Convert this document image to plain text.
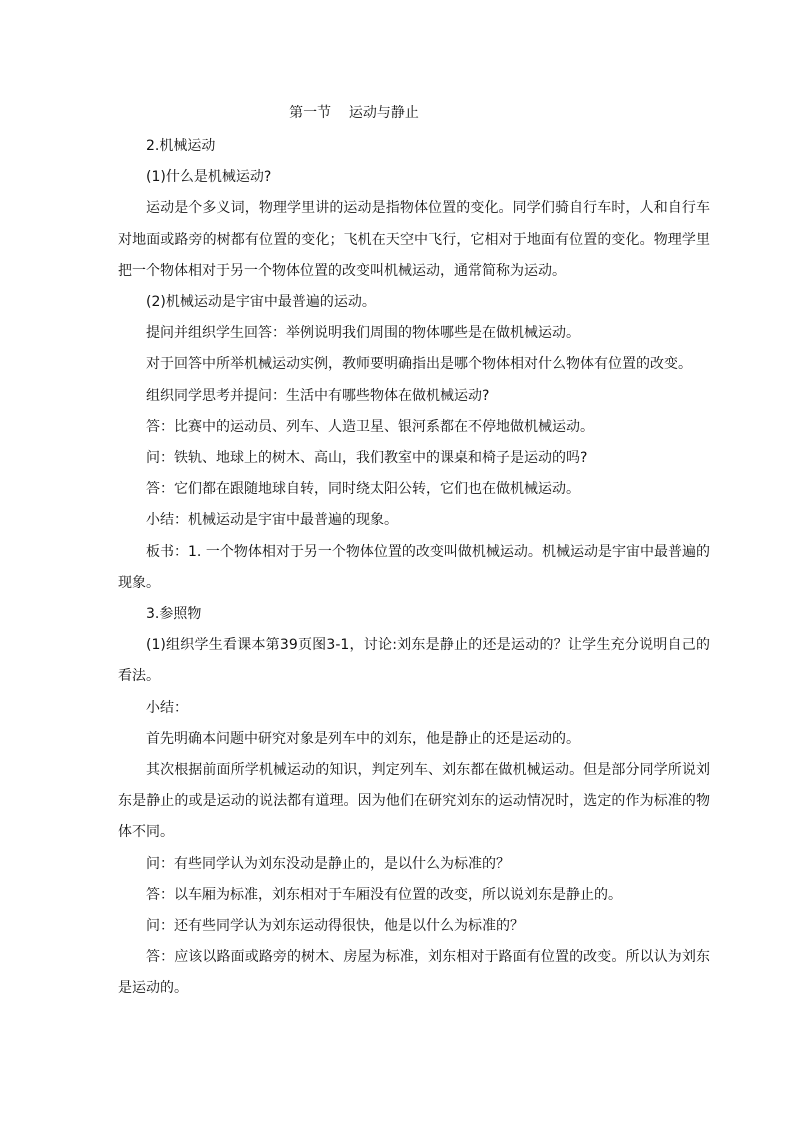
第一节    运动与静止

2.机械运动

(1)什么是机械运动?

运动是个多义词，物理学里讲的运动是指物体位置的变化。同学们骑自行车时，人和自行车对地面或路旁的树都有位置的变化；飞机在天空中飞行，它相对于地面有位置的变化。物理学里把一个物体相对于另一个物体位置的改变叫机械运动，通常简称为运动。

(2)机械运动是宇宙中最普遍的运动。

提问并组织学生回答：举例说明我们周围的物体哪些是在做机械运动。

对于回答中所举机械运动实例，教师要明确指出是哪个物体相对什么物体有位置的改变。

组织同学思考并提问：生活中有哪些物体在做机械运动?

答：比赛中的运动员、列车、人造卫星、银河系都在不停地做机械运动。

问：铁轨、地球上的树木、高山，我们教室中的课桌和椅子是运动的吗?

答：它们都在跟随地球自转，同时绕太阳公转，它们也在做机械运动。

小结：机械运动是宇宙中最普遍的现象。

板书：1. 一个物体相对于另一个物体位置的改变叫做机械运动。机械运动是宇宙中最普遍的现象。

3.参照物

(1)组织学生看课本第39页图3-1，讨论:刘东是静止的还是运动的？让学生充分说明自己的看法。

小结：

首先明确本问题中研究对象是列车中的刘东，他是静止的还是运动的。

其次根据前面所学机械运动的知识，判定列车、刘东都在做机械运动。但是部分同学所说刘东是静止的或是运动的说法都有道理。因为他们在研究刘东的运动情况时，选定的作为标准的物体不同。

问：有些同学认为刘东没动是静止的，是以什么为标准的？

答：以车厢为标准，刘东相对于车厢没有位置的改变，所以说刘东是静止的。

问：还有些同学认为刘东运动得很快，他是以什么为标准的？

答：应该以路面或路旁的树木、房屋为标准，刘东相对于路面有位置的改变。所以认为刘东是运动的。
